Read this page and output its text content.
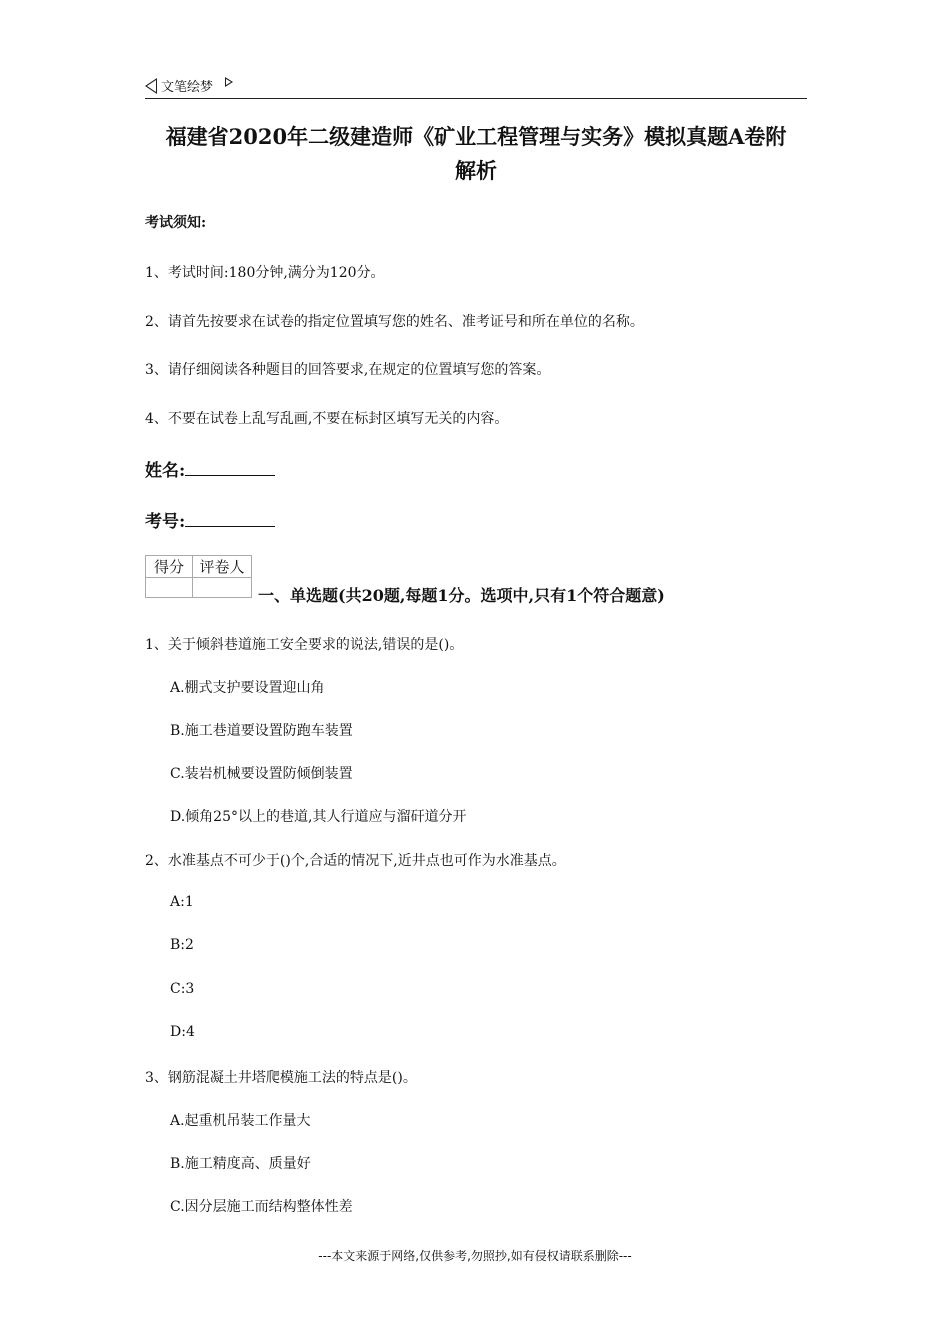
文笔绘梦
福建省2020年二级建造师《矿业工程管理与实务》模拟真题A卷附
解析
考试须知:
1、考试时间:180分钟,满分为120分。
2、请首先按要求在试卷的指定位置填写您的姓名、准考证号和所在单位的名称。
3、请仔细阅读各种题目的回答要求,在规定的位置填写您的答案。
4、不要在试卷上乱写乱画,不要在标封区填写无关的内容。
姓名:
考号:
得分	评卷人

一、单选题(共20题,每题1分。选项中,只有1个符合题意)
1、关于倾斜巷道施工安全要求的说法,错误的是()。
A.棚式支护要设置迎山角
B.施工巷道要设置防跑车装置
C.装岩机械要设置防倾倒装置
D.倾角25°以上的巷道,其人行道应与溜矸道分开
2、水准基点不可少于()个,合适的情况下,近井点也可作为水准基点。
A:1
B:2
C:3
D:4
3、钢筋混凝土井塔爬模施工法的特点是()。
A.起重机吊装工作量大
B.施工精度高、质量好
C.因分层施工而结构整体性差
---本文来源于网络,仅供参考,勿照抄,如有侵权请联系删除---
